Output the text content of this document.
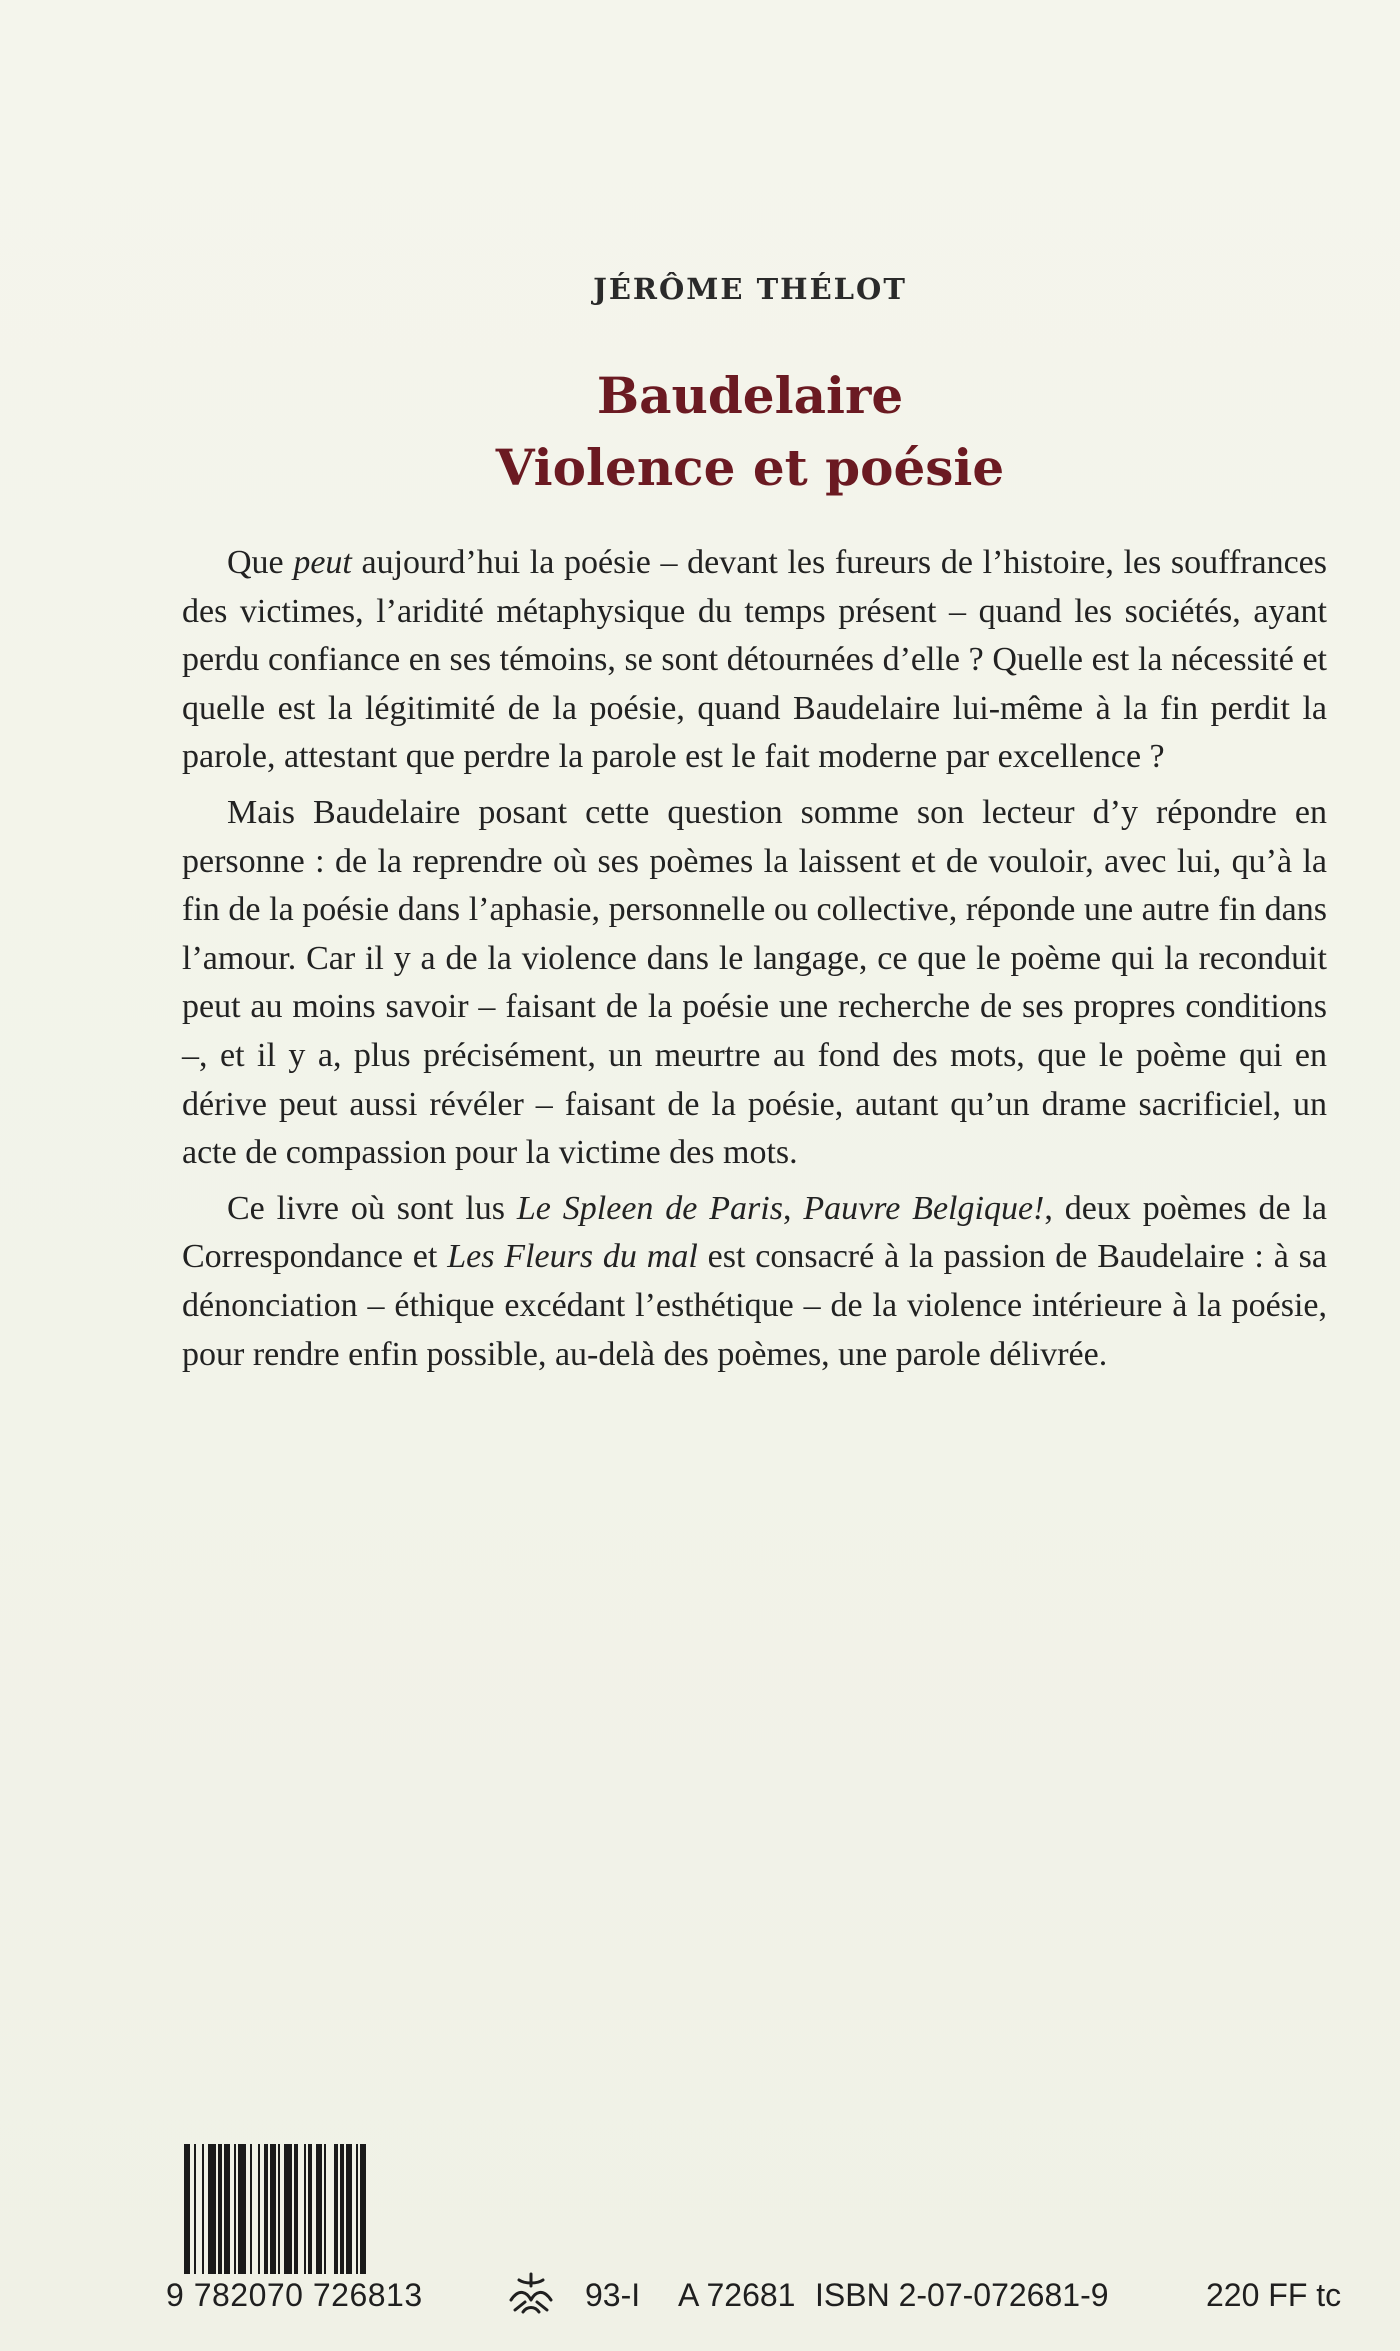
JÉRÔME THÉLOT
Baudelaire
Violence et poésie

Que peut aujourd’hui la poésie – devant les fureurs de l’histoire, les souffrances des victimes, l’aridité métaphysique du temps présent – quand les sociétés, ayant perdu confiance en ses témoins, se sont détournées d’elle ? Quelle est la nécessité et quelle est la légitimité de la poésie, quand Baudelaire lui-même à la fin perdit la parole, attestant que perdre la parole est le fait moderne par excellence ?

Mais Baudelaire posant cette question somme son lecteur d’y répondre en personne : de la reprendre où ses poèmes la laissent et de vouloir, avec lui, qu’à la fin de la poésie dans l’aphasie, personnelle ou collective, réponde une autre fin dans l’amour. Car il y a de la violence dans le langage, ce que le poème qui la reconduit peut au moins savoir – faisant de la poésie une recherche de ses propres conditions –, et il y a, plus précisément, un meurtre au fond des mots, que le poème qui en dérive peut aussi révéler – faisant de la poésie, autant qu’un drame sacrificiel, un acte de compassion pour la victime des mots.

Ce livre où sont lus Le Spleen de Paris, Pauvre Belgique!, deux poèmes de la Correspondance et Les Fleurs du mal est consacré à la passion de Baudelaire : à sa dénonciation – éthique excédant l’esthétique – de la violence intérieure à la poésie, pour rendre enfin possible, au-delà des poèmes, une parole délivrée.

9 782070 726813	93-I A 72681 ISBN 2-07-072681-9	220 FF tc
